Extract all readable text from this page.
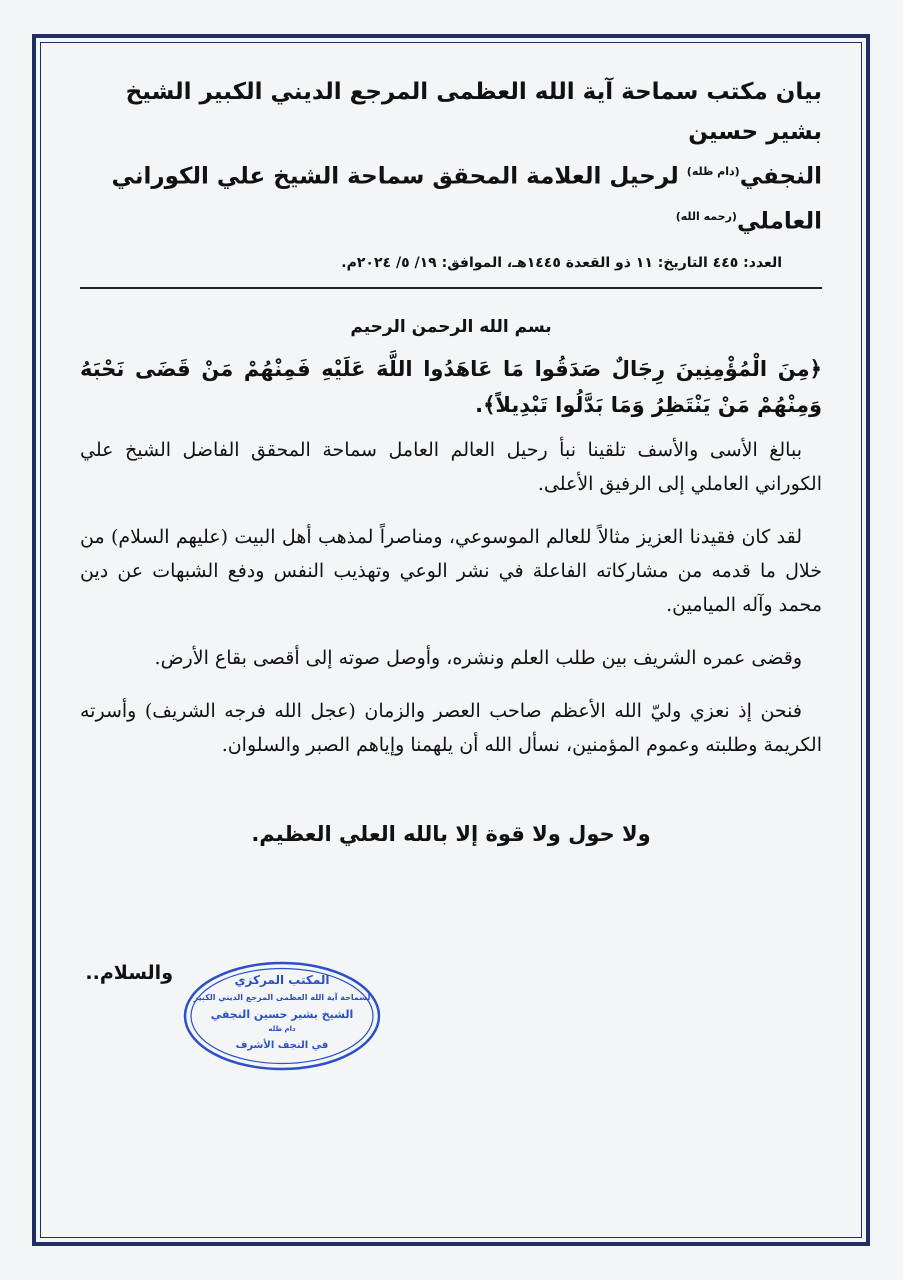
بيان مكتب سماحة آية الله العظمى المرجع الديني الكبير الشيخ بشير حسين

النجفي$^{(دام ظله)}$ لرحيل العلامة المحقق سماحة الشيخ علي الكوراني العاملي$^{(رحمه الله)}$

العدد: ٤٤٥ التاريخ: ١١ ذو القعدة ١٤٤٥هـ، الموافق: ١٩/ ٥/ ٢٠٢٤م.
بسم الله الرحمن الرحيم
﴿مِنَ الْمُؤْمِنِينَ رِجَالٌ صَدَقُوا مَا عَاهَدُوا اللَّهَ عَلَيْهِ فَمِنْهُمْ مَنْ قَضَى نَحْبَهُ وَمِنْهُمْ مَنْ يَنْتَظِرُ وَمَا بَدَّلُوا تَبْدِيلاً﴾.

ببالغ الأسى والأسف تلقينا نبأ رحيل العالم العامل سماحة المحقق الفاضل الشيخ علي الكوراني العاملي إلى الرفيق الأعلى.

لقد كان فقيدنا العزيز مثالاً للعالم الموسوعي، ومناصراً لمذهب أهل البيت (عليهم السلام) من خلال ما قدمه من مشاركاته الفاعلة في نشر الوعي وتهذيب النفس ودفع الشبهات عن دين محمد وآله الميامين.

وقضى عمره الشريف بين طلب العلم ونشره، وأوصل صوته إلى أقصى بقاع الأرض.

فنحن إذ نعزي وليّ الله الأعظم صاحب العصر والزمان (عجل الله فرجه الشريف) وأسرته الكريمة وطلبته وعموم المؤمنين، نسأل الله أن يلهمنا وإياهم الصبر والسلوان.

ولا حول ولا قوة إلا بالله العلي العظيم.
والسلام..	المكتب المركزي
لسماحة آية الله العظمى المرجع الديني الكبير
الشيخ بشير حسين النجفي
دام ظله
في النجف الأشرف
